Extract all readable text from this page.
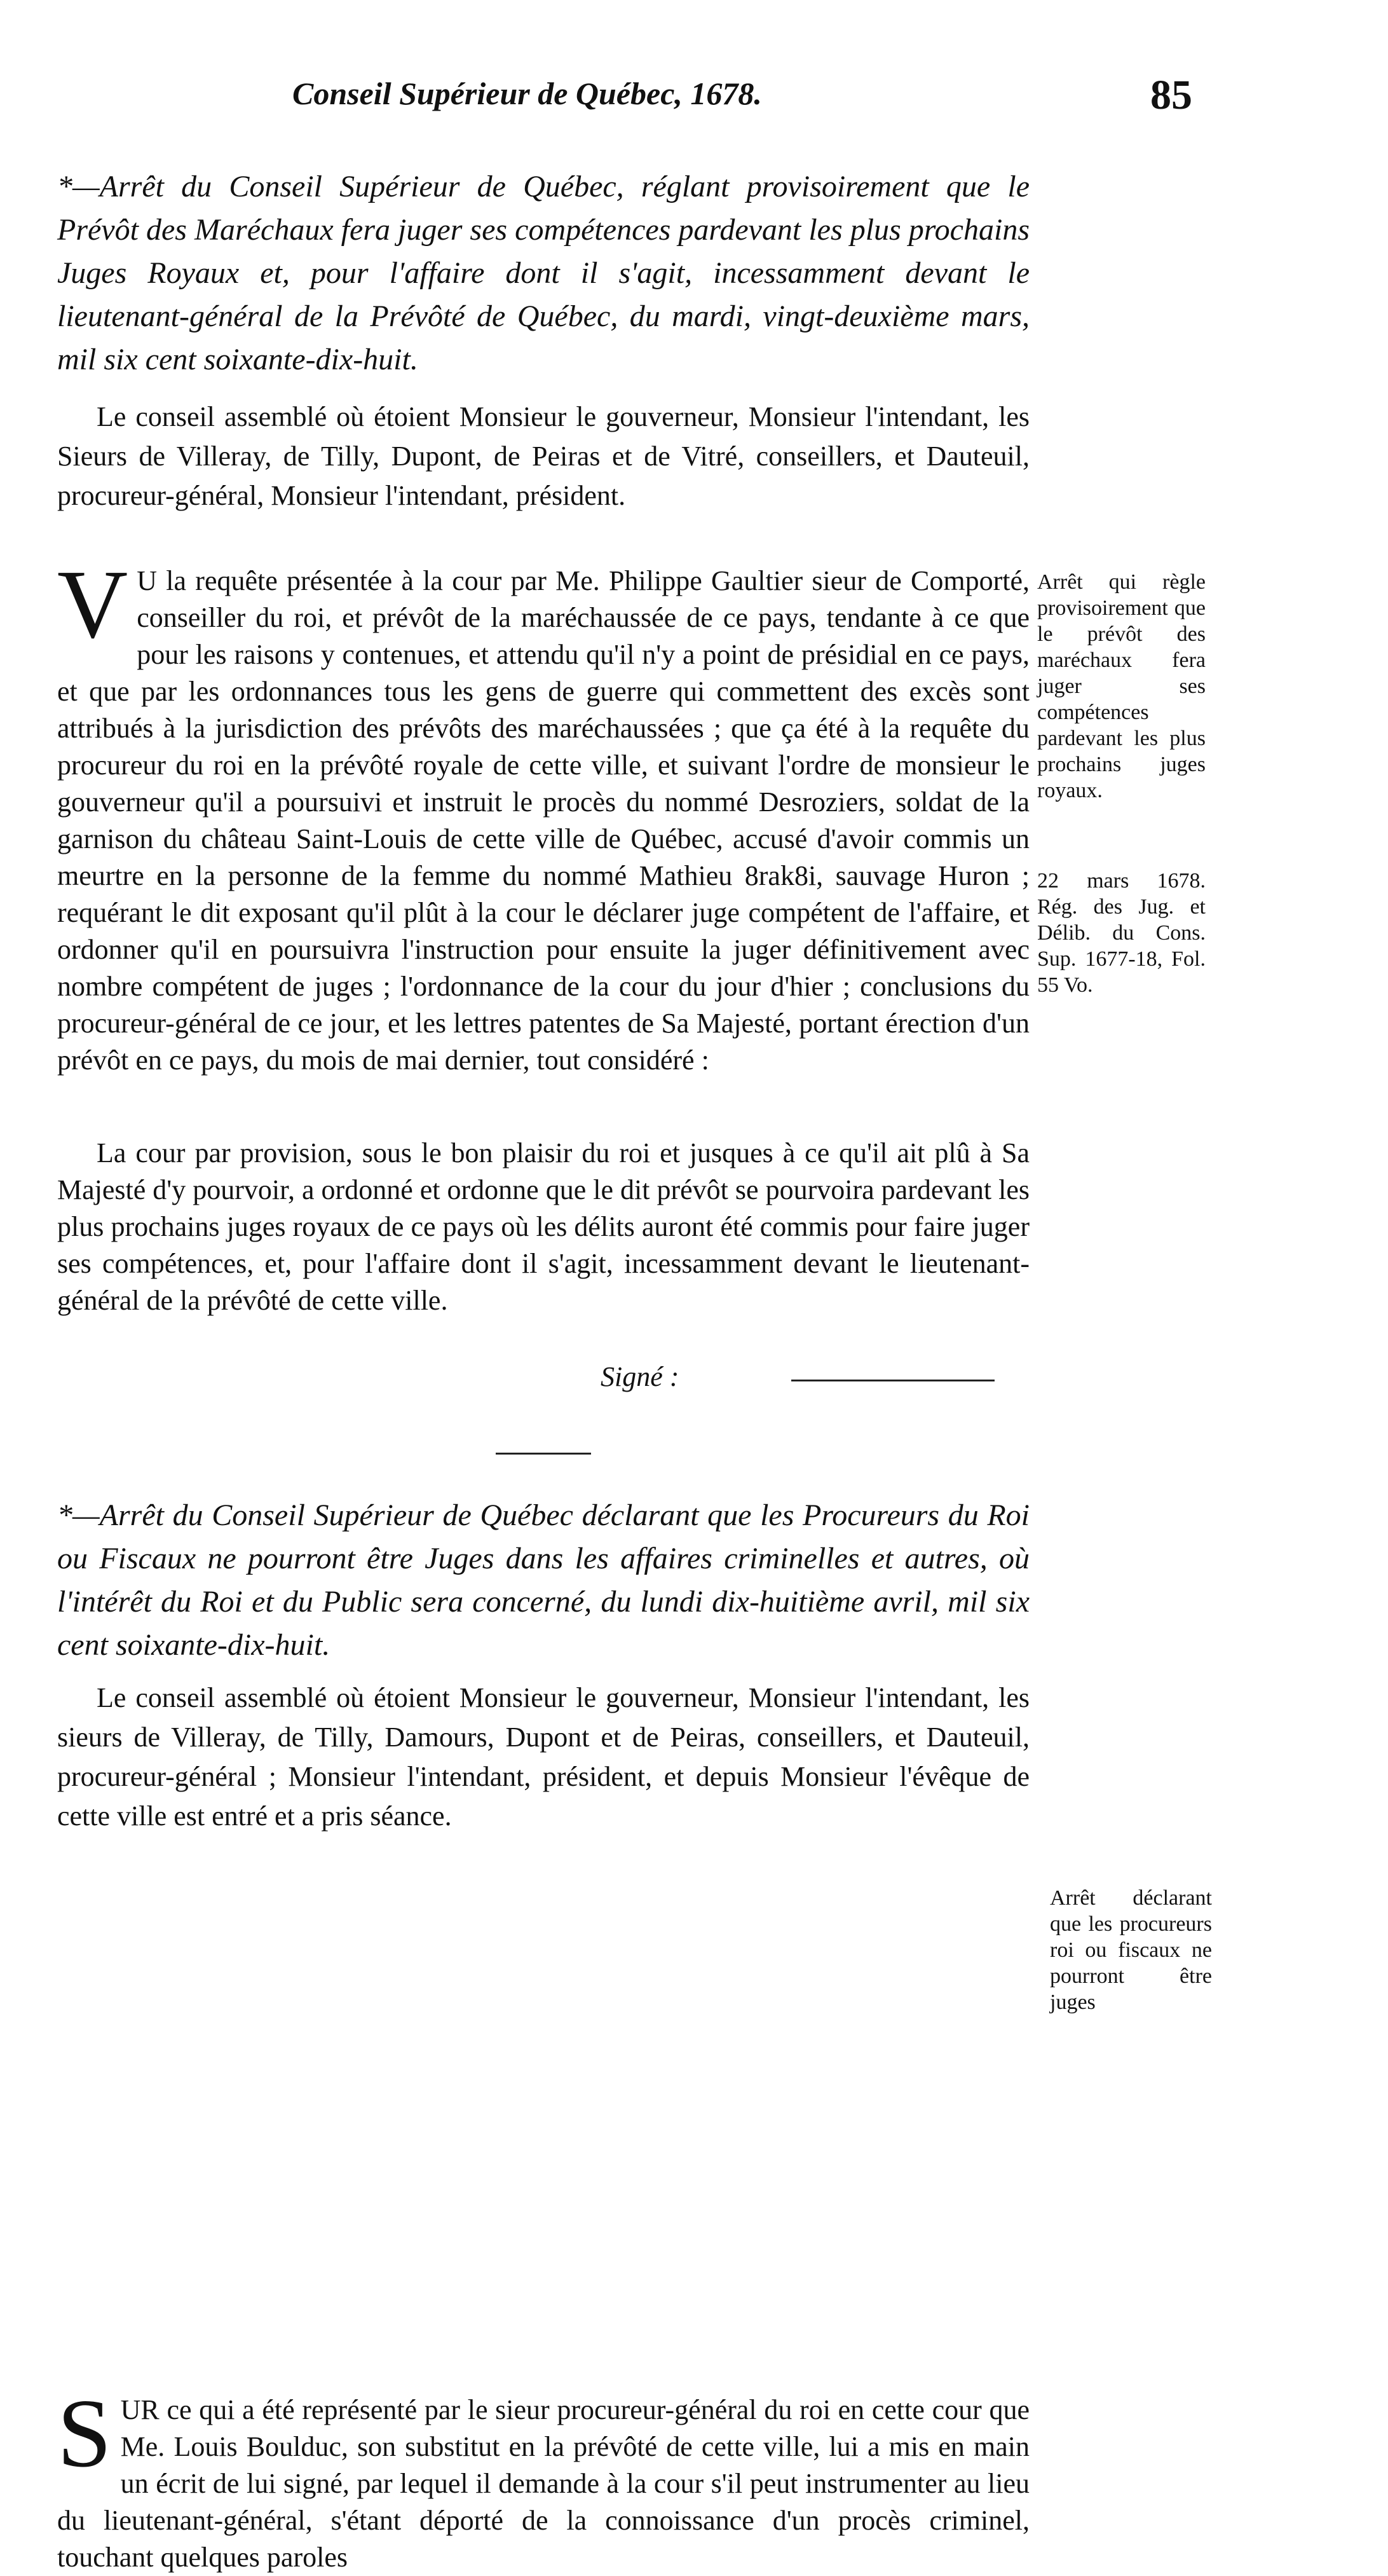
Conseil Supérieur de Québec, 1678.	85
*—Arrêt du Conseil Supérieur de Québec, réglant provisoirement que le Prévôt des Maréchaux fera juger ses compétences pardevant les plus prochains Juges Royaux et, pour l'affaire dont il s'agit, incessamment devant le lieutenant-général de la Prévôté de Québec, du mardi, vingt-deuxième mars, mil six cent soixante-dix-huit.
Le conseil assemblé où étoient Monsieur le gouverneur, Monsieur l'intendant, les Sieurs de Villeray, de Tilly, Dupont, de Peiras et de Vitré, conseillers, et Dauteuil, procureur-général, Monsieur l'intendant, président.
V U la requête présentée à la cour par Me. Philippe Gaultier sieur de Comporté, conseiller du roi, et prévôt de la maréchaussée de ce pays, tendante à ce que pour les raisons y contenues, et attendu qu'il n'y a point de présidial en ce pays, et que par les ordonnances tous les gens de guerre qui commettent des excès sont attribués à la jurisdiction des prévôts des maréchaussées ; que ça été à la requête du procureur du roi en la prévôté royale de cette ville, et suivant l'ordre de monsieur le gouverneur qu'il a poursuivi et instruit le procès du nommé Desroziers, soldat de la garnison du château Saint-Louis de cette ville de Québec, accusé d'avoir commis un meurtre en la personne de la femme du nommé Mathieu 8rak8i, sauvage Huron ; requérant le dit exposant qu'il plût à la cour le déclarer juge compétent de l'affaire, et ordonner qu'il en poursuivra l'instruction pour ensuite la juger définitivement avec nombre compétent de juges ; l'ordonnance de la cour du jour d'hier ; conclusions du procureur-général de ce jour, et les lettres patentes de Sa Majesté, portant érection d'un prévôt en ce pays, du mois de mai dernier, tout considéré :
Arrêt qui règle provisoirement que le prévôt des maréchaux fera juger ses compétences pardevant les plus prochains juges royaux.
22 mars 1678. Rég. des Jug. et Délib. du Cons. Sup. 1677-18, Fol. 55 Vo.
La cour par provision, sous le bon plaisir du roi et jusques à ce qu'il ait plû à Sa Majesté d'y pourvoir, a ordonné et ordonne que le dit prévôt se pourvoira pardevant les plus prochains juges royaux de ce pays où les délits auront été commis pour faire juger ses compétences, et, pour l'affaire dont il s'agit, incessamment devant le lieutenant-général de la prévôté de cette ville.
Signé :
*—Arrêt du Conseil Supérieur de Québec déclarant que les Procureurs du Roi ou Fiscaux ne pourront être Juges dans les affaires criminelles et autres, où l'intérêt du Roi et du Public sera concerné, du lundi dix-huitième avril, mil six cent soixante-dix-huit.
Le conseil assemblé où étoient Monsieur le gouverneur, Monsieur l'intendant, les sieurs de Villeray, de Tilly, Damours, Dupont et de Peiras, conseillers, et Dauteuil, procureur-général ; Monsieur l'intendant, président, et depuis Monsieur l'évêque de cette ville est entré et a pris séance.
SUR ce qui a été représenté par le sieur procureur-général du roi en cette cour que Me. Louis Boulduc, son substitut en la prévôté de cette ville, lui a mis en main un écrit de lui signé, par lequel il demande à la cour s'il peut instrumenter au lieu du lieutenant-général, s'étant déporté de la connoissance d'un procès criminel, touchant quelques paroles
Arrêt déclarant que les procureurs roi ou fiscaux ne pourront être juges
